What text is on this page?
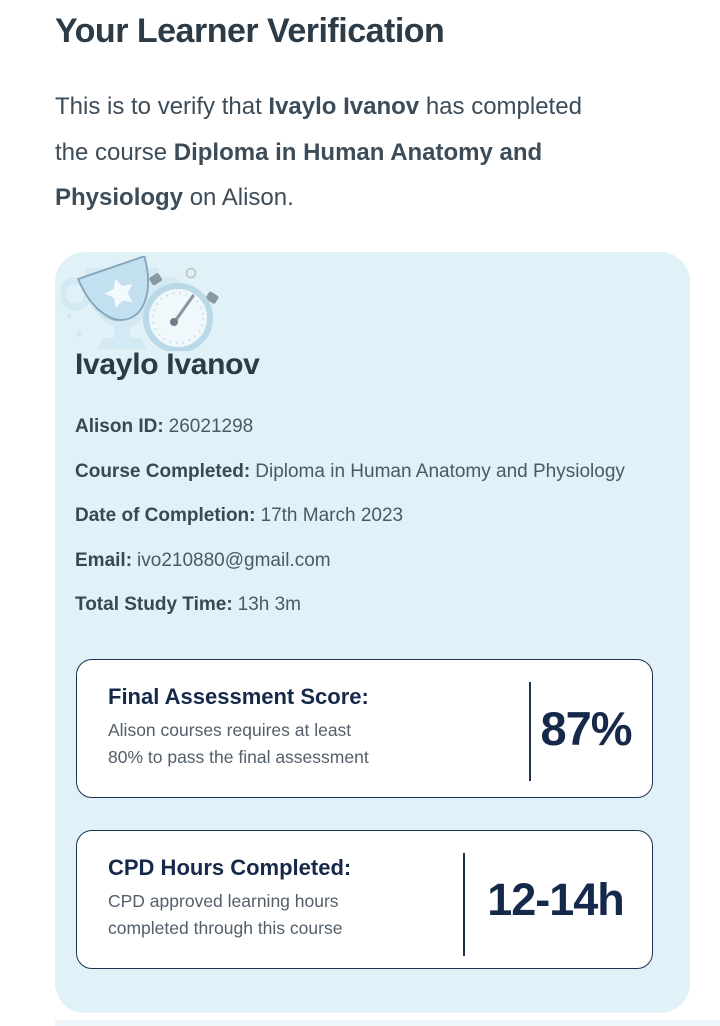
Your Learner Verification

This is to verify that Ivaylo Ivanov has completed
the course Diploma in Human Anatomy and
Physiology on Alison.

Ivaylo Ivanov
Alison ID: 26021298
Course Completed: Diploma in Human Anatomy and Physiology
Date of Completion: 17th March 2023
Email: ivo210880@gmail.com
Total Study Time: 13h 3m
Final Assessment Score:

Alison courses requires at least
80% to pass the final assessment

87%
CPD Hours Completed:

CPD approved learning hours
completed through this course

12-14h
